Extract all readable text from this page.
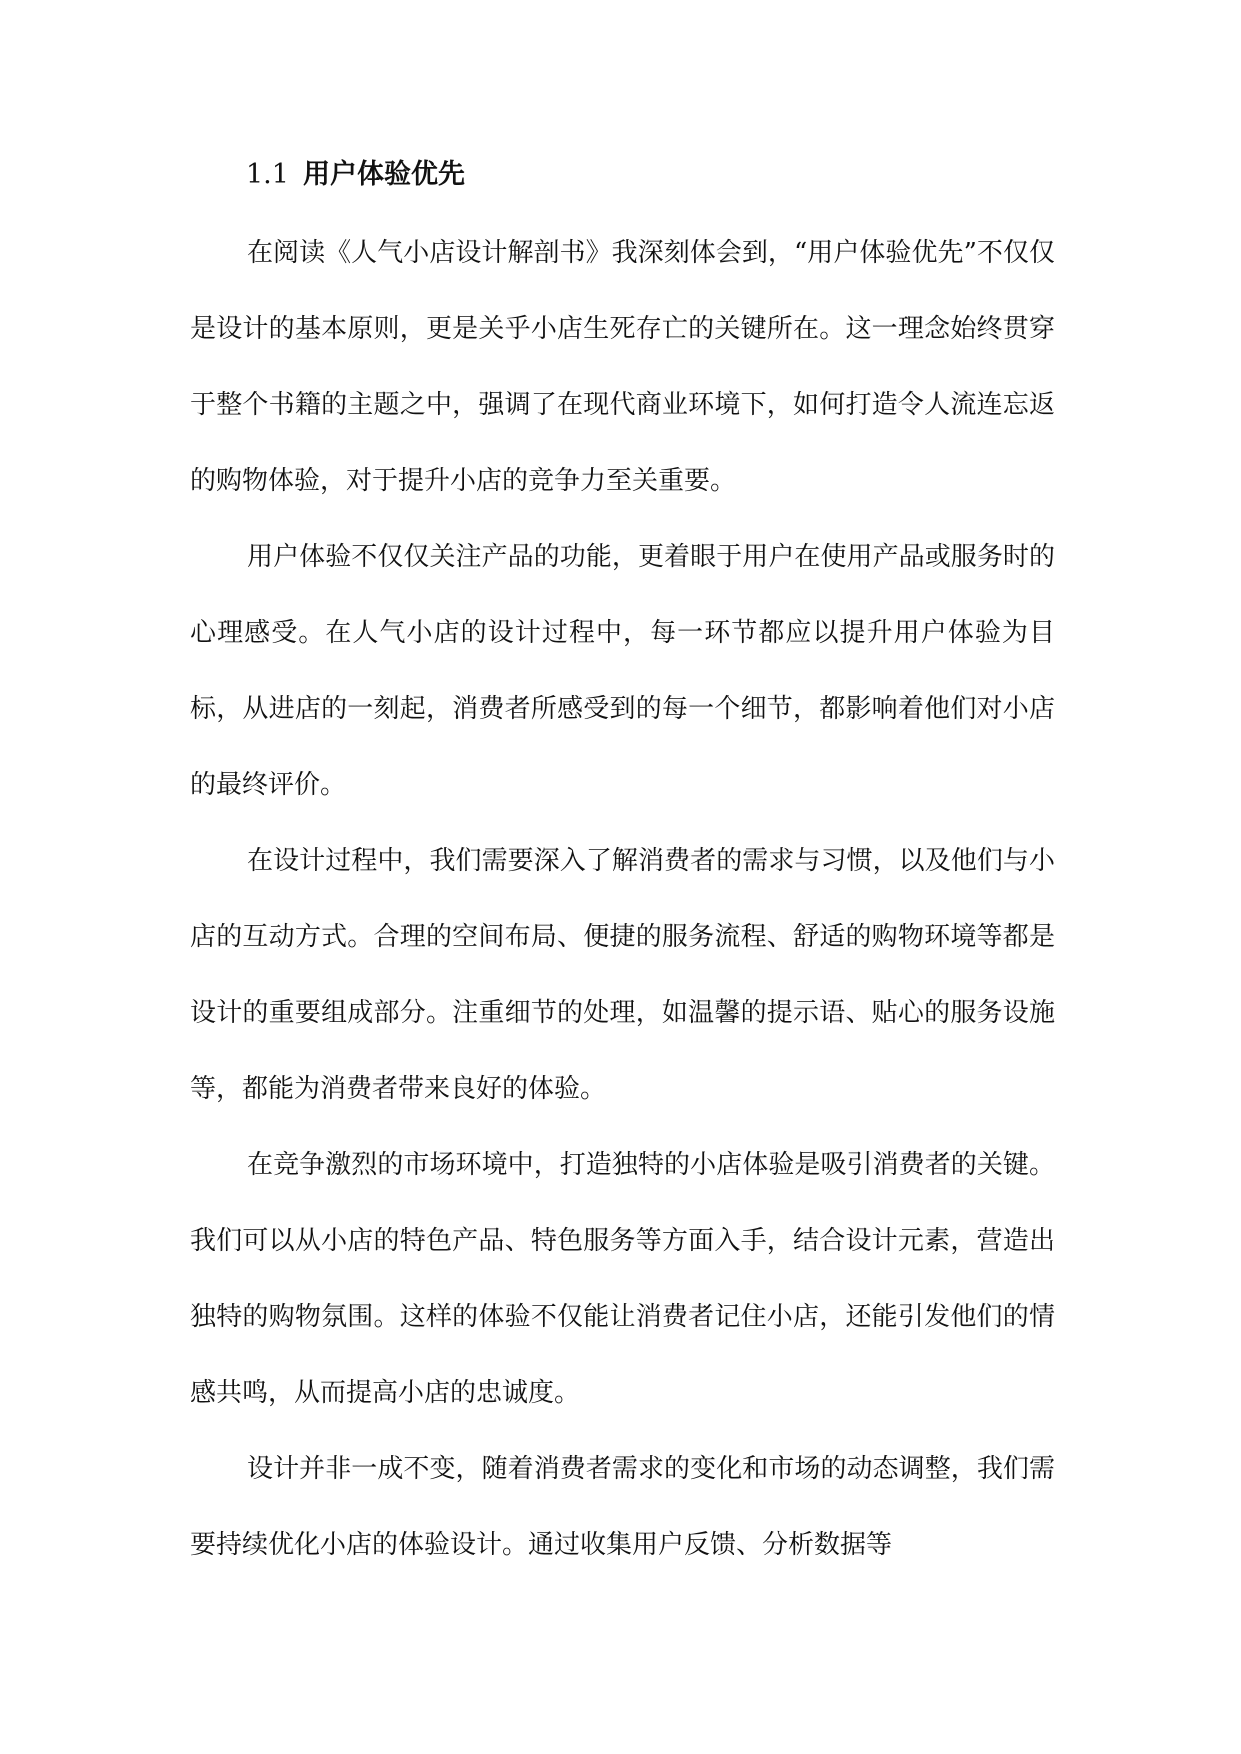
1.1 用户体验优先

在阅读《人气小店设计解剖书》我深刻体会到，“用户体验优先”不仅仅是设计的基本原则，更是关乎小店生死存亡的关键所在。这一理念始终贯穿于整个书籍的主题之中，强调了在现代商业环境下，如何打造令人流连忘返的购物体验，对于提升小店的竞争力至关重要。

用户体验不仅仅关注产品的功能，更着眼于用户在使用产品或服务时的心理感受。在人气小店的设计过程中，每一环节都应以提升用户体验为目标，从进店的一刻起，消费者所感受到的每一个细节，都影响着他们对小店的最终评价。

在设计过程中，我们需要深入了解消费者的需求与习惯，以及他们与小店的互动方式。合理的空间布局、便捷的服务流程、舒适的购物环境等都是设计的重要组成部分。注重细节的处理，如温馨的提示语、贴心的服务设施等，都能为消费者带来良好的体验。

在竞争激烈的市场环境中，打造独特的小店体验是吸引消费者的关键。我们可以从小店的特色产品、特色服务等方面入手，结合设计元素，营造出独特的购物氛围。这样的体验不仅能让消费者记住小店，还能引发他们的情感共鸣，从而提高小店的忠诚度。

设计并非一成不变，随着消费者需求的变化和市场的动态调整，我们需要持续优化小店的体验设计。通过收集用户反馈、分析数据等
